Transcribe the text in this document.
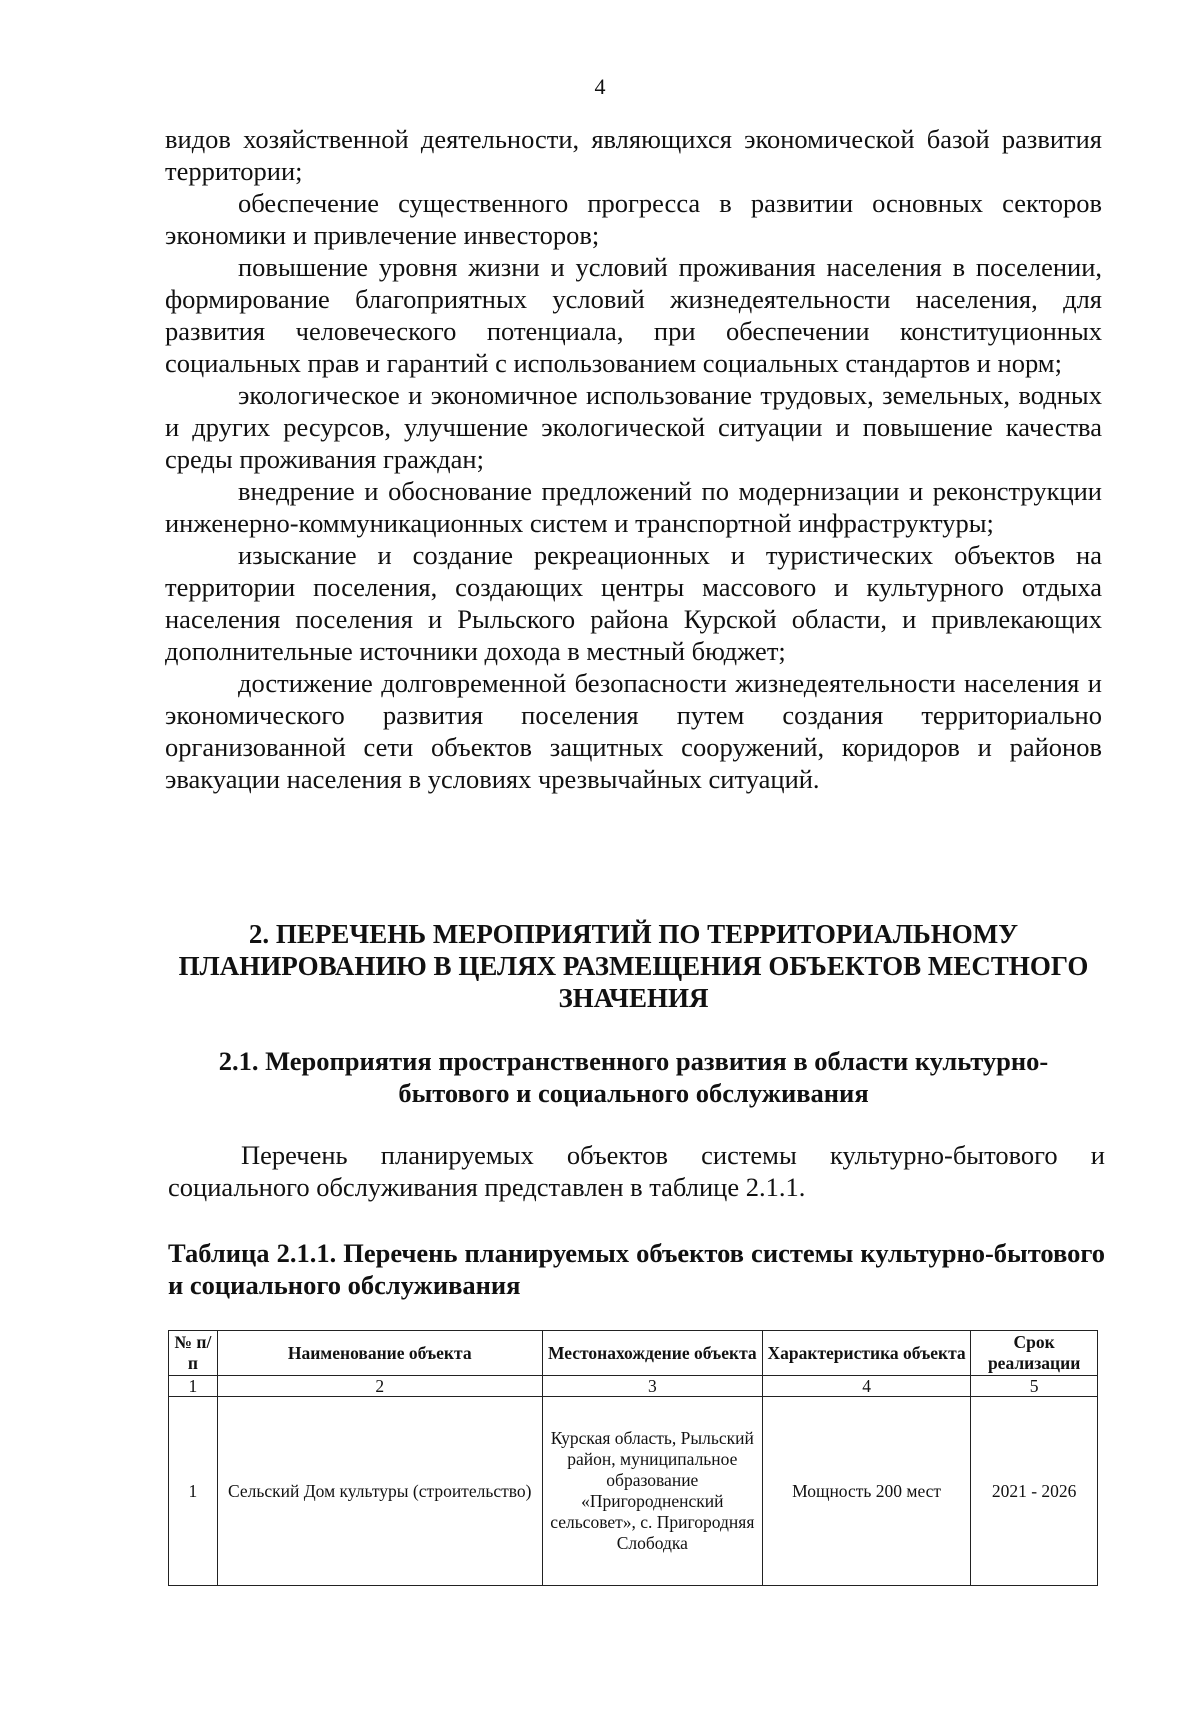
4

видов хозяйственной деятельности, являющихся экономической базой развития территории;

обеспечение существенного прогресса в развитии основных секторов экономики и привлечение инвесторов;

повышение уровня жизни и условий проживания населения в поселении, формирование благоприятных условий жизнедеятельности населения, для развития человеческого потенциала, при обеспечении конституционных социальных прав и гарантий с использованием социальных стандартов и норм;

экологическое и экономичное использование трудовых, земельных, водных и других ресурсов, улучшение экологической ситуации и повышение качества среды проживания граждан;

внедрение и обоснование предложений по модернизации и реконструкции инженерно-коммуникационных систем и транспортной инфраструктуры;

изыскание и создание рекреационных и туристических объектов на территории поселения, создающих центры массового и культурного отдыха населения поселения и Рыльского района Курской области, и привлекающих дополнительные источники дохода в местный бюджет;

достижение долговременной безопасности жизнедеятельности населения и экономического развития поселения путем создания территориально организованной сети объектов защитных сооружений, коридоров и районов эвакуации населения в условиях чрезвычайных ситуаций.

2. ПЕРЕЧЕНЬ МЕРОПРИЯТИЙ ПО ТЕРРИТОРИАЛЬНОМУ ПЛАНИРОВАНИЮ В ЦЕЛЯХ РАЗМЕЩЕНИЯ ОБЪЕКТОВ МЕСТНОГО ЗНАЧЕНИЯ
2.1. Мероприятия пространственного развития в области культурно-бытового и социального обслуживания

Перечень планируемых объектов системы культурно-бытового и социального обслуживания представлен в таблице 2.1.1.

Таблица 2.1.1. Перечень планируемых объектов системы культурно-бытового и социального обслуживания

№ п/п	Наименование объекта	Местонахождение объекта	Характеристика объекта	Срок реализации
1	2	3	4	5
1	Сельский Дом культуры (строительство)	Курская область, Рыльский район, муниципальное образование «Пригородненский сельсовет», с. Пригородняя Слободка	Мощность 200 мест	2021 - 2026
